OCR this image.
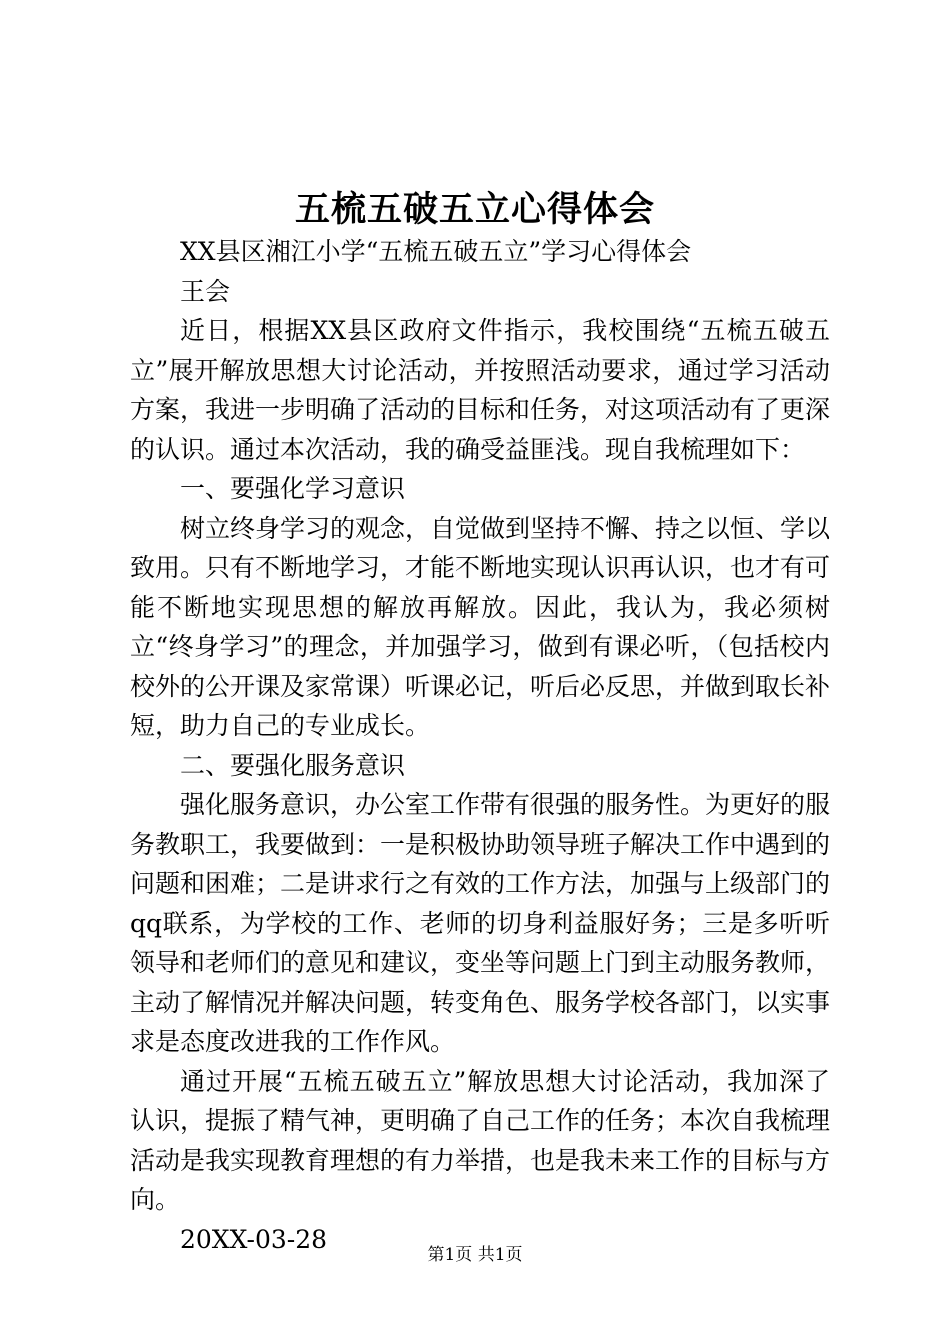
五梳五破五立心得体会

XX县区湘江小学“五梳五破五立”学习心得体会

王会

近日，根据XX县区政府文件指示，我校围绕“五梳五破五立”展开解放思想大讨论活动，并按照活动要求，通过学习活动方案，我进一步明确了活动的目标和任务，对这项活动有了更深的认识。通过本次活动，我的确受益匪浅。现自我梳理如下：

一、要强化学习意识

树立终身学习的观念，自觉做到坚持不懈、持之以恒、学以致用。只有不断地学习，才能不断地实现认识再认识，也才有可能不断地实现思想的解放再解放。因此，我认为，我必须树立“终身学习”的理念，并加强学习，做到有课必听，（包括校内校外的公开课及家常课）听课必记，听后必反思，并做到取长补短，助力自己的专业成长。

二、要强化服务意识

强化服务意识，办公室工作带有很强的服务性。为更好的服务教职工，我要做到：一是积极协助领导班子解决工作中遇到的问题和困难；二是讲求行之有效的工作方法，加强与上级部门的qq联系，为学校的工作、老师的切身利益服好务；三是多听听领导和老师们的意见和建议，变坐等问题上门到主动服务教师，主动了解情况并解决问题，转变角色、服务学校各部门，以实事求是态度改进我的工作作风。

通过开展“五梳五破五立”解放思想大讨论活动，我加深了认识，提振了精气神，更明确了自己工作的任务；本次自我梳理活动是我实现教育理想的有力举措，也是我未来工作的目标与方向。

20XX-03-28

第1页 共1页
